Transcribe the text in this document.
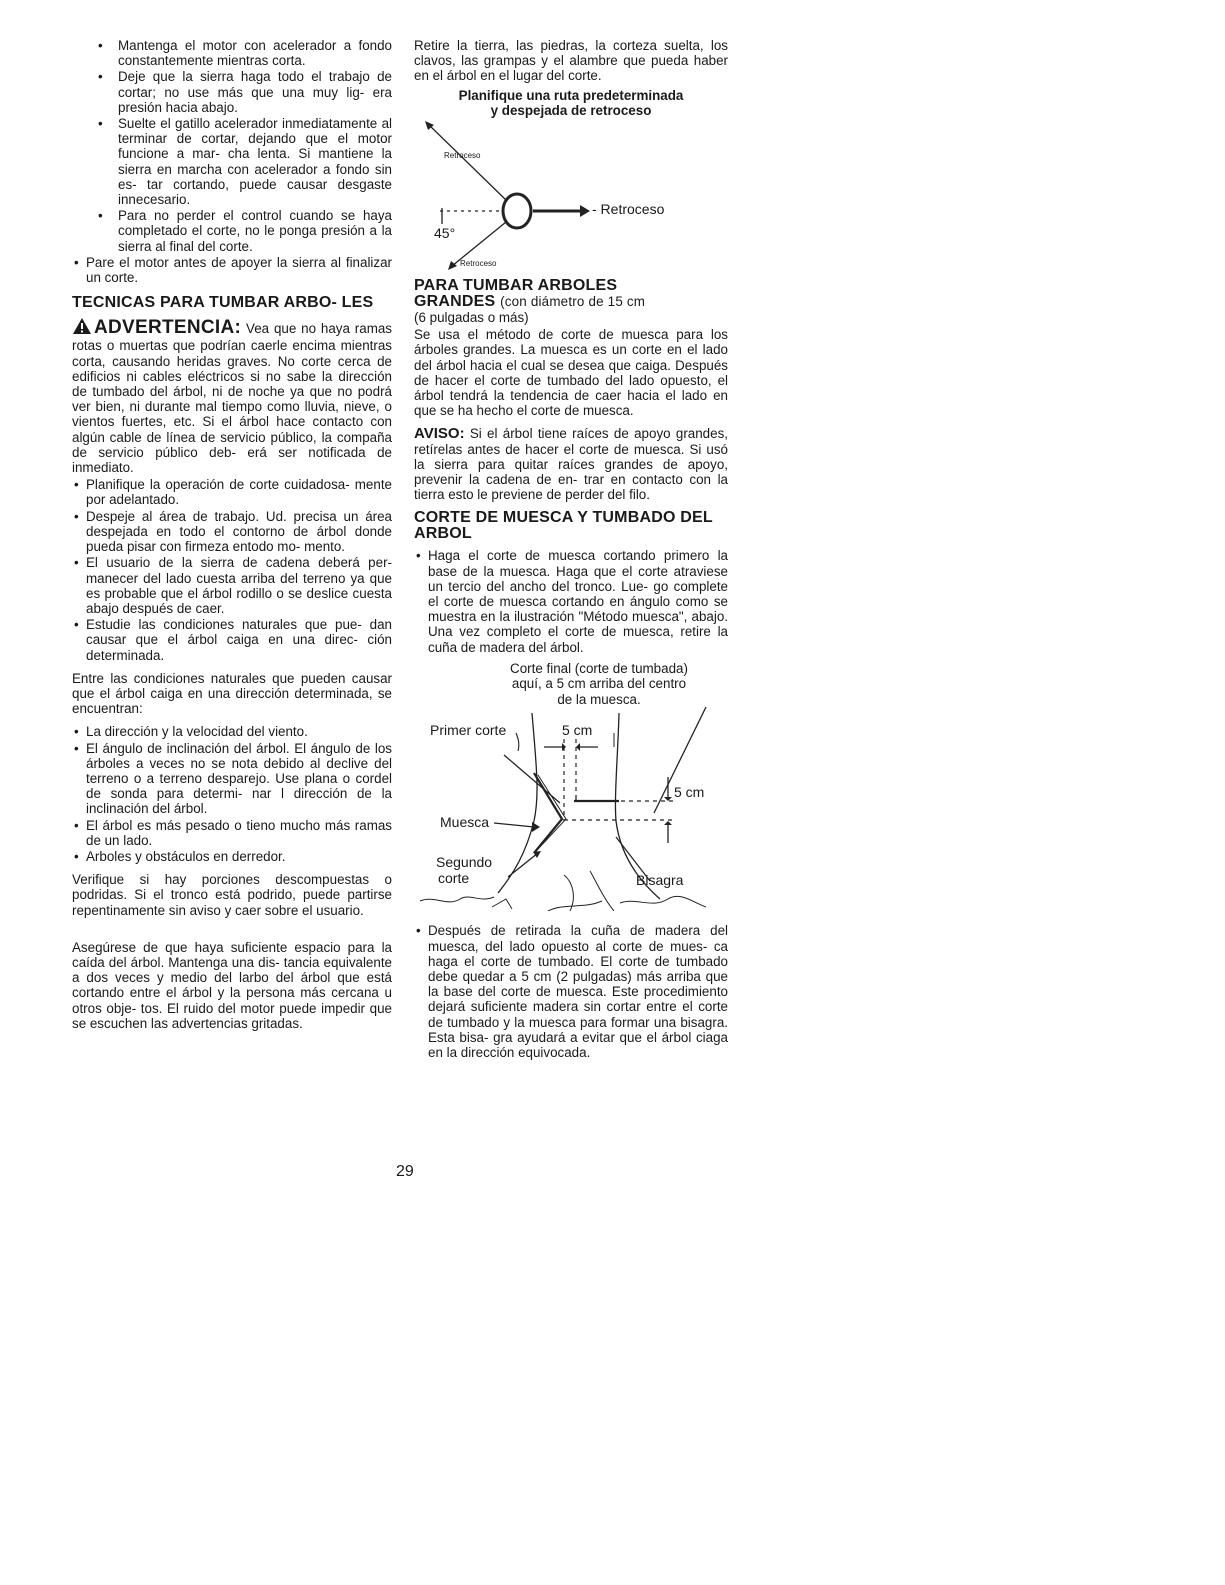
• Mantenga el motor con acelerador a fondo constantemente mientras corta.
• Deje que la sierra haga todo el trabajo de cortar; no use más que una muy lig- era presión hacia abajo.
• Suelte el gatillo acelerador inmediatamente al terminar de cortar, dejando que el motor funcione a mar- cha lenta. Si mantiene la sierra en marcha con acelerador a fondo sin es- tar cortando, puede causar desgaste innecesario.
• Para no perder el control cuando se haya completado el corte, no le ponga presión a la sierra al final del corte.
• Pare el motor antes de apoyer la sierra al finalizar un corte.
TECNICAS PARA TUMBAR ARBO- LES

ADVERTENCIA: Vea que no haya ramas rotas o muertas que podrían caerle encima mientras corta, causando heridas graves. No corte cerca de edificios ni cables eléctricos si no sabe la dirección de tumbado del árbol, ni de noche ya que no podrá ver bien, ni durante mal tiempo como lluvia, nieve, o vientos fuertes, etc. Si el árbol hace contacto con algún cable de línea de servicio público, la compaña de servicio público deb- erá ser notificada de inmediato.

• Planifique la operación de corte cuidadosa- mente por adelantado.
• Despeje al área de trabajo. Ud. precisa un área despejada en todo el contorno de árbol donde pueda pisar con firmeza entodo mo- mento.
• El usuario de la sierra de cadena deberá per- manecer del lado cuesta arriba del terreno ya que es probable que el árbol rodillo o se deslice cuesta abajo después de caer.
• Estudie las condiciones naturales que pue- dan causar que el árbol caiga en una direc- ción determinada.

Entre las condiciones naturales que pueden causar que el árbol caiga en una dirección determinada, se encuentran:

• La dirección y la velocidad del viento.
• El ángulo de inclinación del árbol. El ángulo de los árboles a veces no se nota debido al declive del terreno o a terreno desparejo. Use plana o cordel de sonda para determi- nar l dirección de la inclinación del árbol.
• El árbol es más pesado o tieno mucho más ramas de un lado.
• Arboles y obstáculos en derredor.

Verifique si hay porciones descompuestas o podridas. Si el tronco está podrido, puede partirse repentinamente sin aviso y caer sobre el usuario.

Asegúrese de que haya suficiente espacio para la caída del árbol. Mantenga una dis- tancia equivalente a dos veces y medio del larbo del árbol que está cortando entre el árbol y la persona más cercana u otros obje- tos. El ruido del motor puede impedir que se escuchen las advertencias gritadas.

Retire la tierra, las piedras, la corteza suelta, los clavos, las grampas y el alambre que pueda haber en el árbol en el lugar del corte.

Planifique una ruta predeterminada
y despejada de retroceso
Retroceso
- Retroceso
45°
Retroceso
PARA TUMBAR ARBOLES
GRANDES (con diámetro de 15 cm

(6 pulgadas o más)

Se usa el método de corte de muesca para los árboles grandes. La muesca es un corte en el lado del árbol hacia el cual se desea que caiga. Después de hacer el corte de tumbado del lado opuesto, el árbol tendrá la tendencia de caer hacia el lado en que se ha hecho el corte de muesca.

AVISO: Si el árbol tiene raíces de apoyo grandes, retírelas antes de hacer el corte de muesca. Si usó la sierra para quitar raíces grandes de apoyo, prevenir la cadena de en- trar en contacto con la tierra esto le previene de perder del filo.

CORTE DE MUESCA Y TUMBADO DEL ARBOL
• Haga el corte de muesca cortando primero la base de la muesca. Haga que el corte atraviese un tercio del ancho del tronco. Lue- go complete el corte de muesca cortando en ángulo como se muestra en la ilustración "Método muesca", abajo. Una vez completo el corte de muesca, retire la cuña de madera del árbol.
Corte final (corte de tumbada)
aquí, a 5 cm arriba del centro
de la muesca.
Primer corte	5 cm
5 cm
Muesca
Segundo
corte	Bisagra
• Después de retirada la cuña de madera del muesca, del lado opuesto al corte de mues- ca haga el corte de tumbado. El corte de tumbado debe quedar a 5 cm (2 pulgadas) más arriba que la base del corte de muesca. Este procedimiento dejará suficiente madera sin cortar entre el corte de tumbado y la muesca para formar una bisagra. Esta bisa- gra ayudará a evitar que el árbol ciaga en la dirección equivocada.
29
